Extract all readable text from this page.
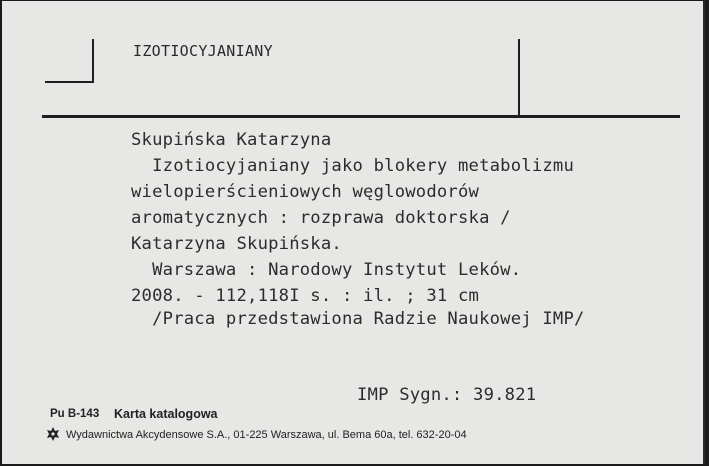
IZOTIOCYJANIANY
Skupińska Katarzyna
Izotiocyjaniany jako blokery metabolizmu
wielopierścieniowych węglowodorów
aromatycznych : rozprawa doktorska /
Katarzyna Skupińska.
Warszawa : Narodowy Instytut Leków.
2008. - 112,118I s. : il. ; 31 cm
/Praca przedstawiona Radzie Naukowej IMP/
IMP Sygn.: 39.821
Pu B-143 Karta katalogowa
Wydawnictwa Akcydensowe S.A., 01-225 Warszawa, ul. Bema 60a, tel. 632-20-04
